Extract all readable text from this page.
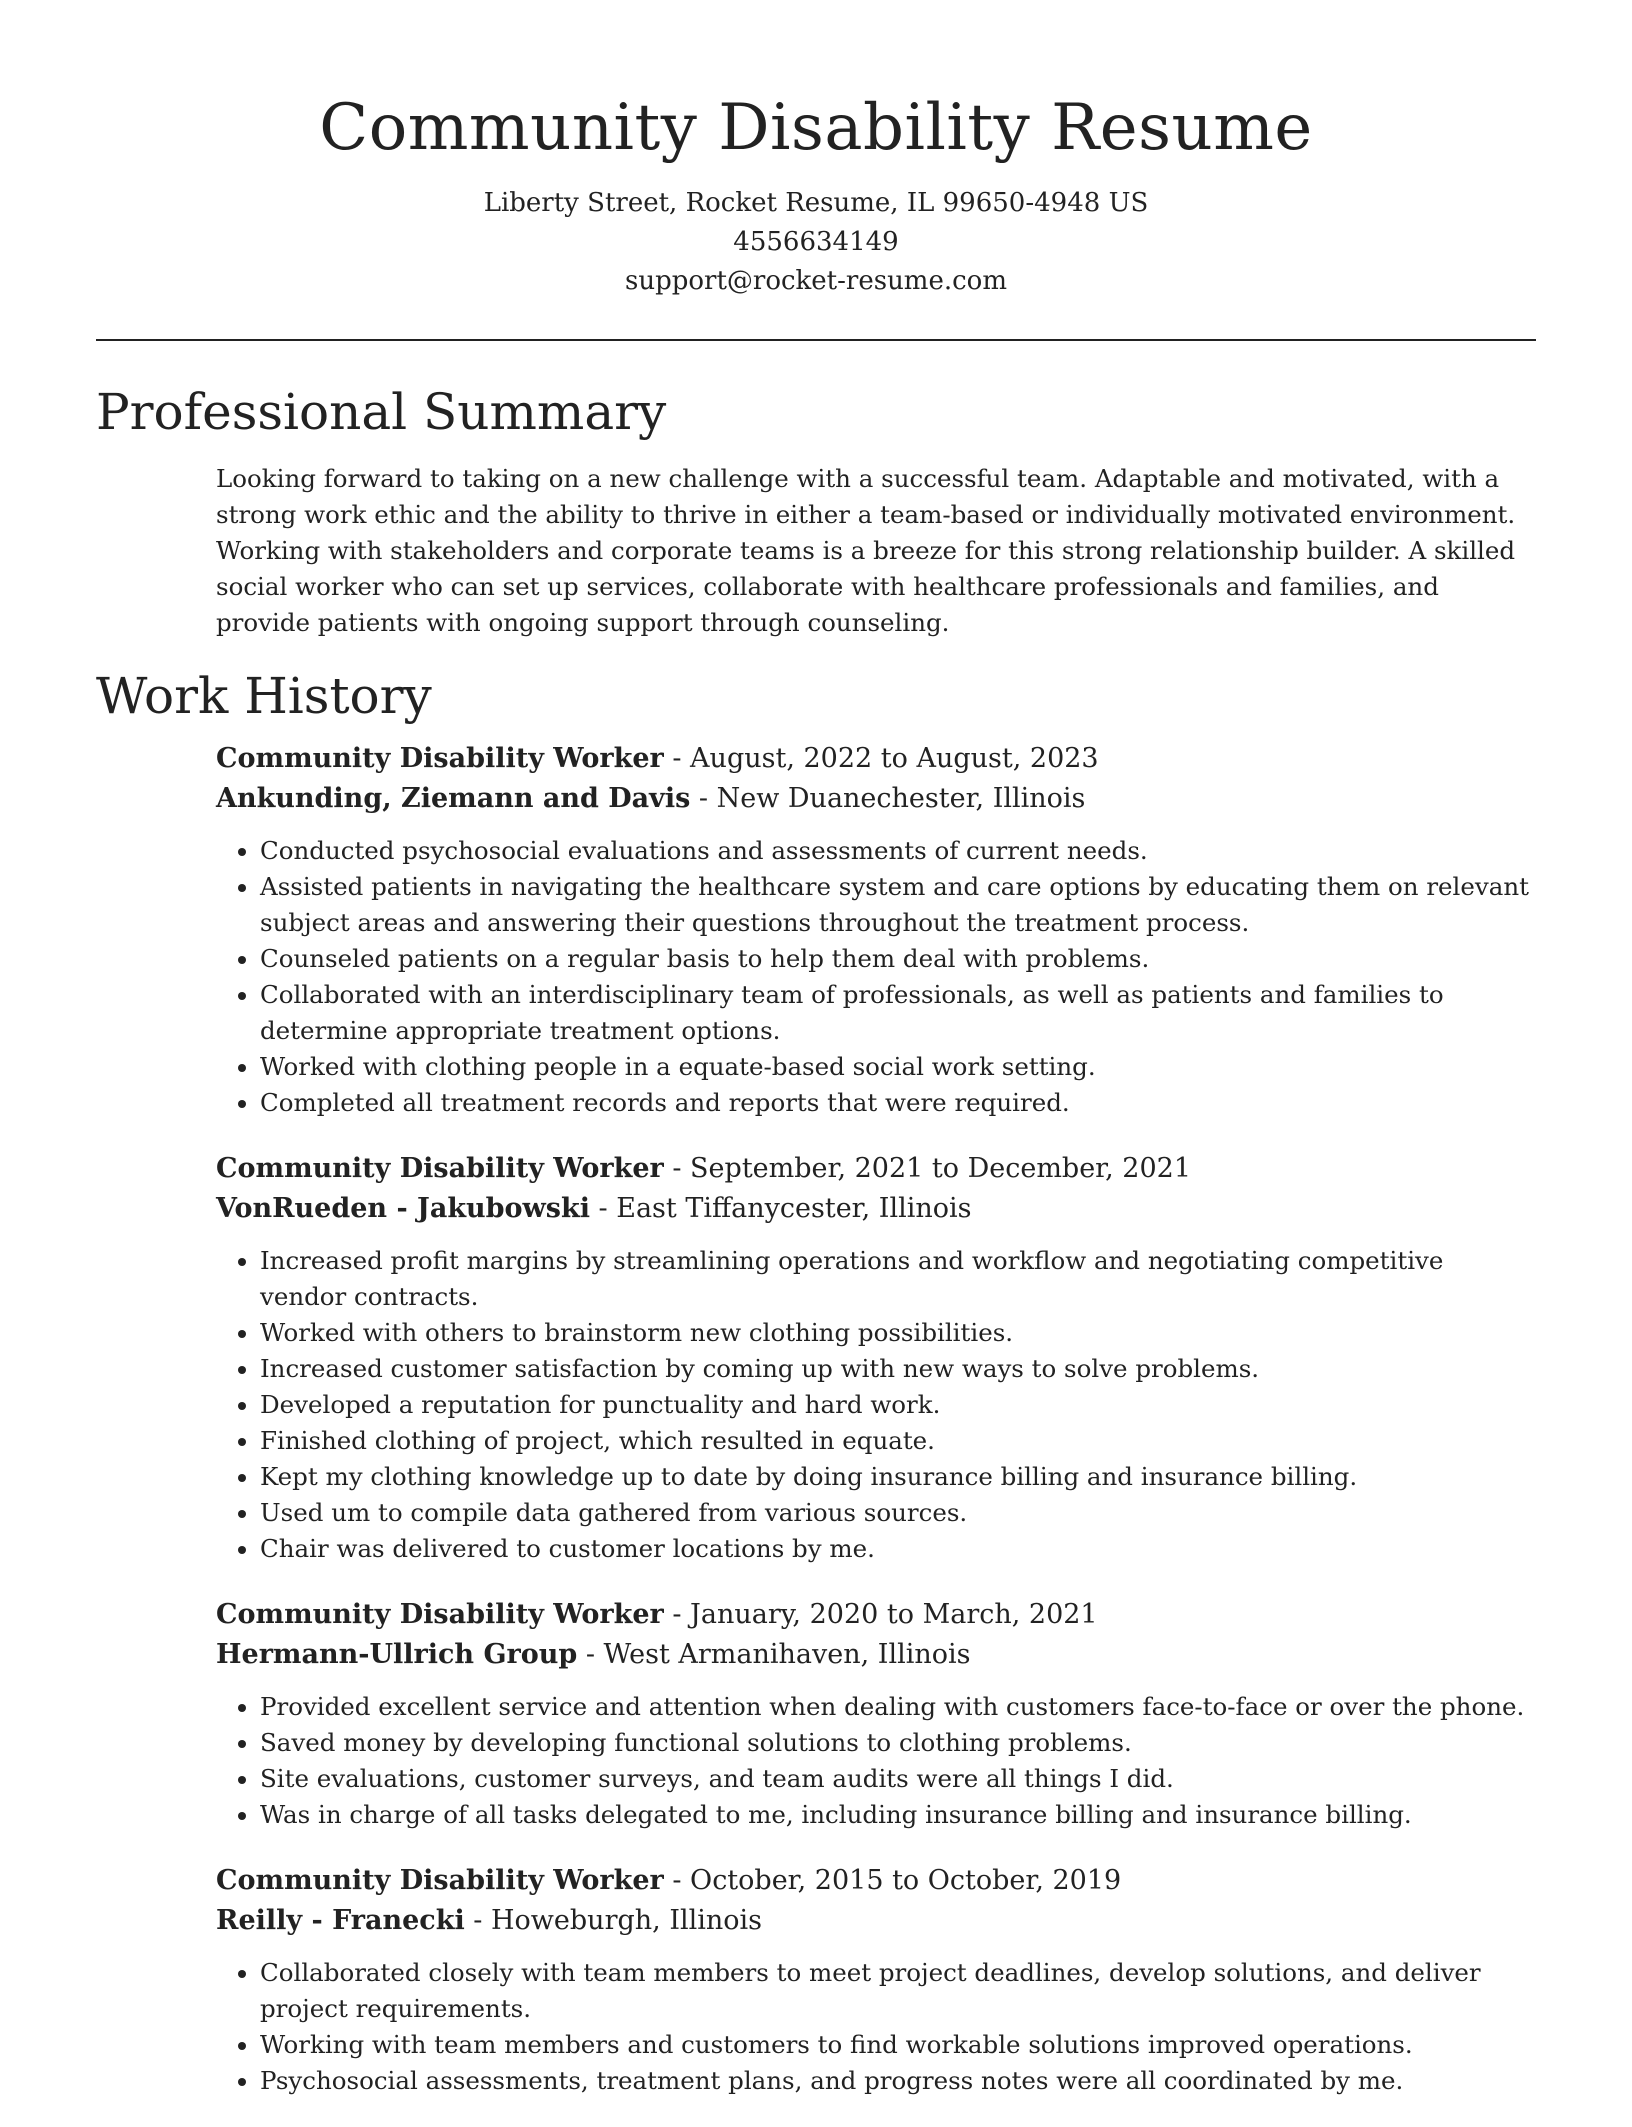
Community Disability Resume
Liberty Street, Rocket Resume, IL 99650-4948 US
4556634149
support@rocket-resume.com
Professional Summary

Looking forward to taking on a new challenge with a successful team. Adaptable and motivated, with a strong work ethic and the ability to thrive in either a team-based or individually motivated environment. Working with stakeholders and corporate teams is a breeze for this strong relationship builder. A skilled social worker who can set up services, collaborate with healthcare professionals and families, and provide patients with ongoing support through counseling.

Work History
Community Disability Worker - August, 2022 to August, 2023
Ankunding, Ziemann and Davis - New Duanechester, Illinois
• Conducted psychosocial evaluations and assessments of current needs.
• Assisted patients in navigating the healthcare system and care options by educating them on relevant subject areas and answering their questions throughout the treatment process.
• Counseled patients on a regular basis to help them deal with problems.
• Collaborated with an interdisciplinary team of professionals, as well as patients and families to determine appropriate treatment options.
• Worked with clothing people in a equate-based social work setting.
• Completed all treatment records and reports that were required.
Community Disability Worker - September, 2021 to December, 2021
VonRueden - Jakubowski - East Tiffanycester, Illinois
• Increased profit margins by streamlining operations and workflow and negotiating competitive vendor contracts.
• Worked with others to brainstorm new clothing possibilities.
• Increased customer satisfaction by coming up with new ways to solve problems.
• Developed a reputation for punctuality and hard work.
• Finished clothing of project, which resulted in equate.
• Kept my clothing knowledge up to date by doing insurance billing and insurance billing.
• Used um to compile data gathered from various sources.
• Chair was delivered to customer locations by me.
Community Disability Worker - January, 2020 to March, 2021
Hermann-Ullrich Group - West Armanihaven, Illinois
• Provided excellent service and attention when dealing with customers face-to-face or over the phone.
• Saved money by developing functional solutions to clothing problems.
• Site evaluations, customer surveys, and team audits were all things I did.
• Was in charge of all tasks delegated to me, including insurance billing and insurance billing.
Community Disability Worker - October, 2015 to October, 2019
Reilly - Franecki - Howeburgh, Illinois
• Collaborated closely with team members to meet project deadlines, develop solutions, and deliver project requirements.
• Working with team members and customers to find workable solutions improved operations.
• Psychosocial assessments, treatment plans, and progress notes were all coordinated by me.
